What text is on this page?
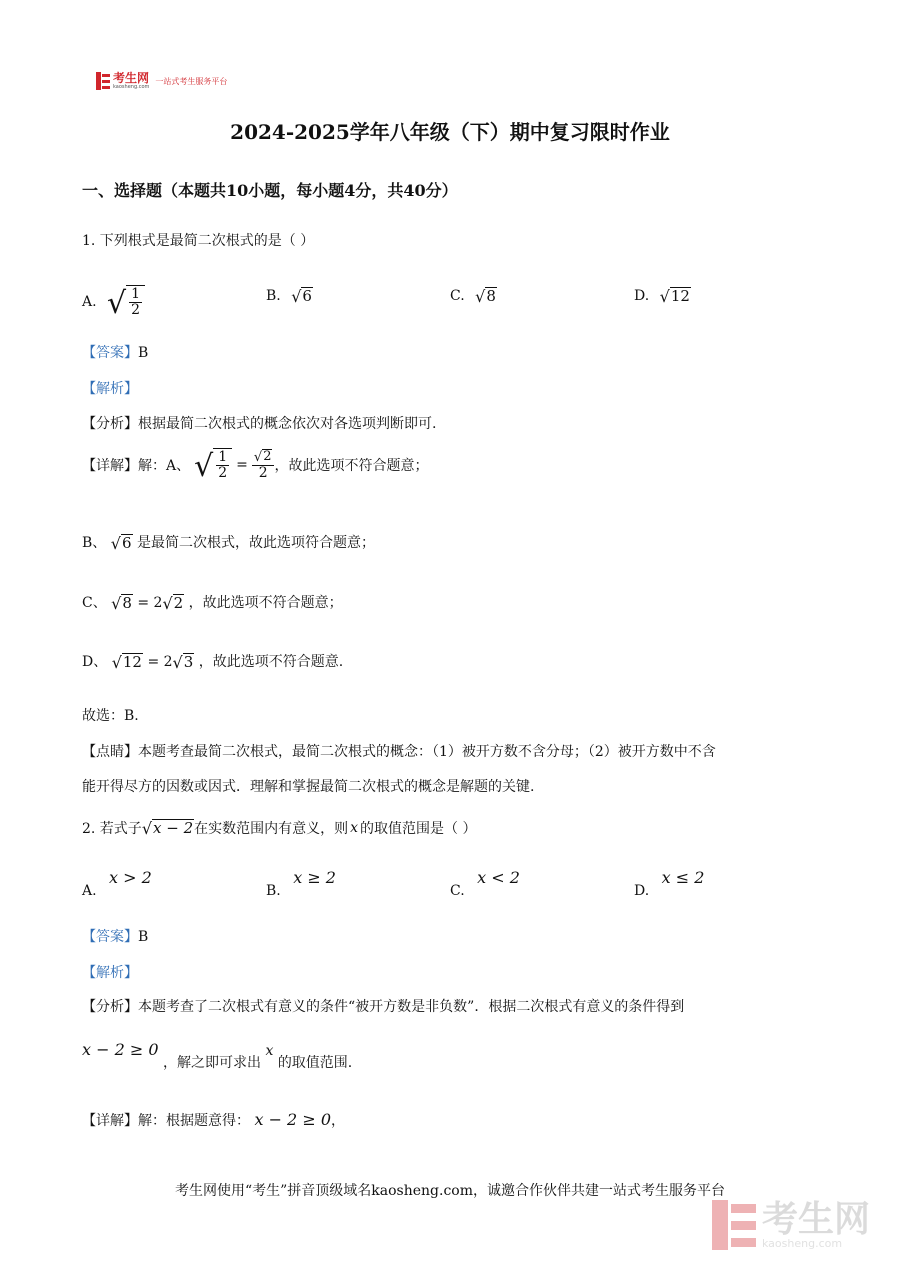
考生网
kaosheng.com
一站式考生服务平台
2024-2025学年八年级（下）期中复习限时作业
一、选择题（本题共10小题，每小题4分，共40分）
1. 下列根式是最简二次根式的是（ ）
A. √ $\frac{1}{2}$	B. √ 6	C. √ 8	D. √ 12
【答案】B
【解析】
【分析】根据最简二次根式的概念依次对各选项判断即可.
【详解】 解：A、 √ $\frac{1}{2} = \frac{√ 2}{2}$ ，故此选项不符合题意；
B、 √ 6 是最简二次根式，故此选项符合题意；
C、 √ 8 = 2 √ 2 ，故此选项不符合题意；
D、 √ 12 = 2 √ 3 ，故此选项不符合题意.
故选：B.
【点睛】本题考查最简二次根式，最简二次根式的概念：（1）被开方数不含分母；（2）被开方数中不含
能开得尽方的因数或因式．理解和掌握最简二次根式的概念是解题的关键.
2. 若式子 √ x − 2 在实数范围内有意义，则 x 的取值范围是（ ）
A. x > 2
B. x ≥ 2
C. x < 2
D. x ≤ 2
【答案】B
【解析】
【分析】本题考查了二次根式有意义的条件“被开方数是非负数”．根据二次根式有意义的条件得到
x − 2 ≥ 0 ，解之即可求出 x 的取值范围.
【详解】解：根据题意得： x − 2 ≥ 0，
考生网使用“考生”拼音顶级域名kaosheng.com，诚邀合作伙伴共建一站式考生服务平台
考生网
kaosheng.com
